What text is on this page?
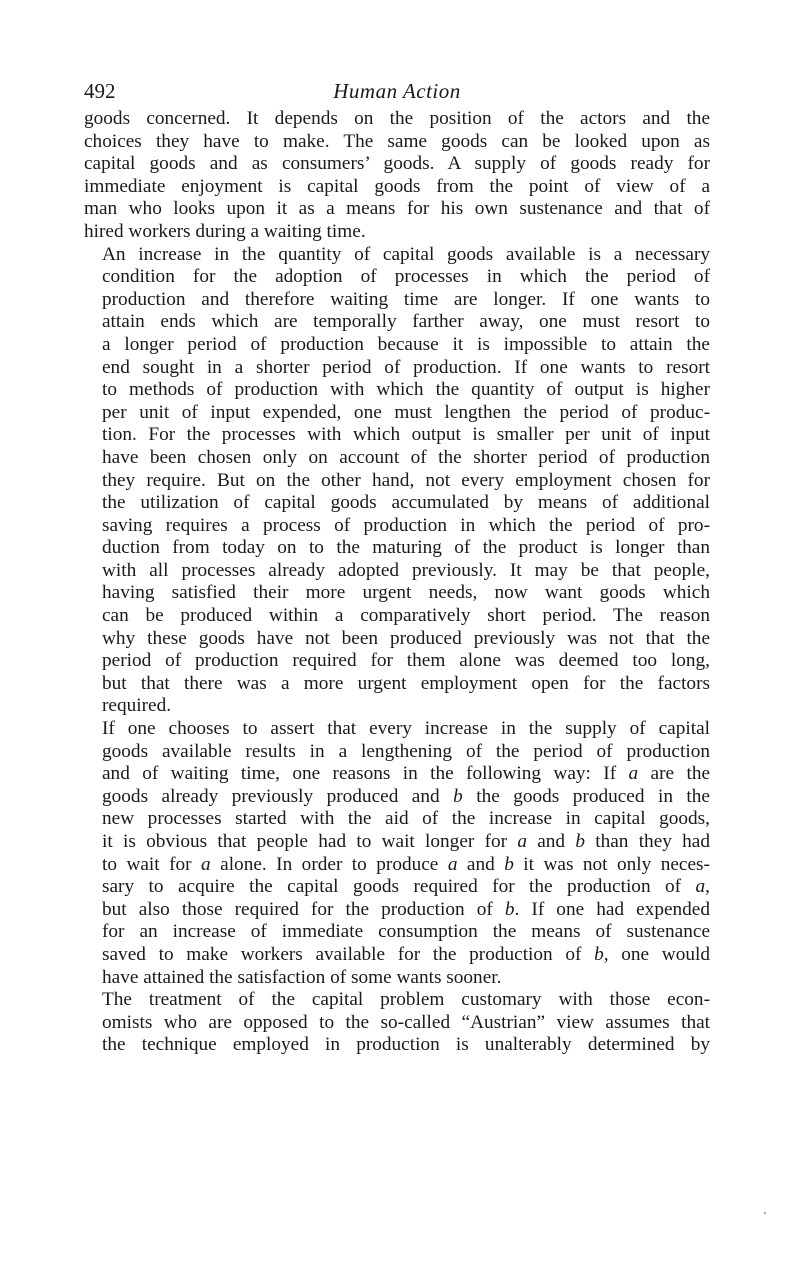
492	Human Action

goods concerned. It depends on the position of the actors and the
choices they have to make. The same goods can be looked upon as
capital goods and as consumers’ goods. A supply of goods ready for
immediate enjoyment is capital goods from the point of view of a
man who looks upon it as a means for his own sustenance and that of
hired workers during a waiting time.

An increase in the quantity of capital goods available is a necessary
condition for the adoption of processes in which the period of
production and therefore waiting time are longer. If one wants to
attain ends which are temporally farther away, one must resort to
a longer period of production because it is impossible to attain the
end sought in a shorter period of production. If one wants to resort
to methods of production with which the quantity of output is higher
per unit of input expended, one must lengthen the period of produc-
tion. For the processes with which output is smaller per unit of input
have been chosen only on account of the shorter period of production
they require. But on the other hand, not every employment chosen for
the utilization of capital goods accumulated by means of additional
saving requires a process of production in which the period of pro-
duction from today on to the maturing of the product is longer than
with all processes already adopted previously. It may be that people,
having satisfied their more urgent needs, now want goods which
can be produced within a comparatively short period. The reason
why these goods have not been produced previously was not that the
period of production required for them alone was deemed too long,
but that there was a more urgent employment open for the factors
required.

If one chooses to assert that every increase in the supply of capital
goods available results in a lengthening of the period of production
and of waiting time, one reasons in the following way: If a are the
goods already previously produced and b the goods produced in the
new processes started with the aid of the increase in capital goods,
it is obvious that people had to wait longer for a and b than they had
to wait for a alone. In order to produce a and b it was not only neces-
sary to acquire the capital goods required for the production of a,
but also those required for the production of b. If one had expended
for an increase of immediate consumption the means of sustenance
saved to make workers available for the production of b, one would
have attained the satisfaction of some wants sooner.

The treatment of the capital problem customary with those econ-
omists who are opposed to the so-called “Austrian” view assumes that
the technique employed in production is unalterably determined by
